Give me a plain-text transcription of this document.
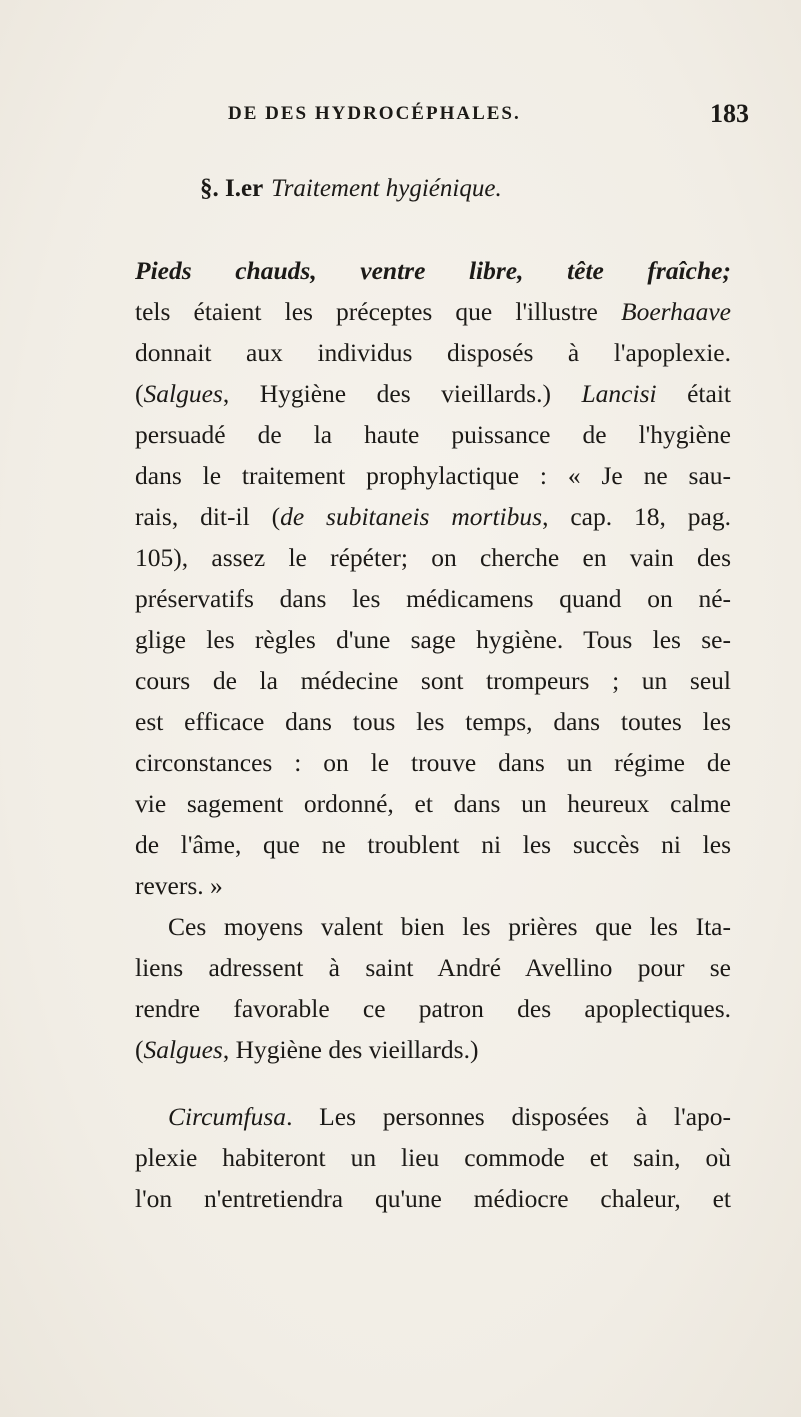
DE DES HYDROCÉPHALES.	183
§. I.er Traitement hygiénique.
Pieds chauds, ventre libre, tête fraîche;
tels étaient les préceptes que l'illustre Boerhaave
donnait aux individus disposés à l'apoplexie.
(Salgues, Hygiène des vieillards.) Lancisi était
persuadé de la haute puissance de l'hygiène
dans le traitement prophylactique : « Je ne sau-
rais, dit-il (de subitaneis mortibus, cap. 18, pag.
105), assez le répéter; on cherche en vain des
préservatifs dans les médicamens quand on né-
glige les règles d'une sage hygiène. Tous les se-
cours de la médecine sont trompeurs ; un seul
est efficace dans tous les temps, dans toutes les
circonstances : on le trouve dans un régime de
vie sagement ordonné, et dans un heureux calme
de l'âme, que ne troublent ni les succès ni les
revers. »
Ces moyens valent bien les prières que les Ita-
liens adressent à saint André Avellino pour se
rendre favorable ce patron des apoplectiques.
(Salgues, Hygiène des vieillards.)
Circumfusa. Les personnes disposées à l'apo-
plexie habiteront un lieu commode et sain, où
l'on n'entretiendra qu'une médiocre chaleur, et
